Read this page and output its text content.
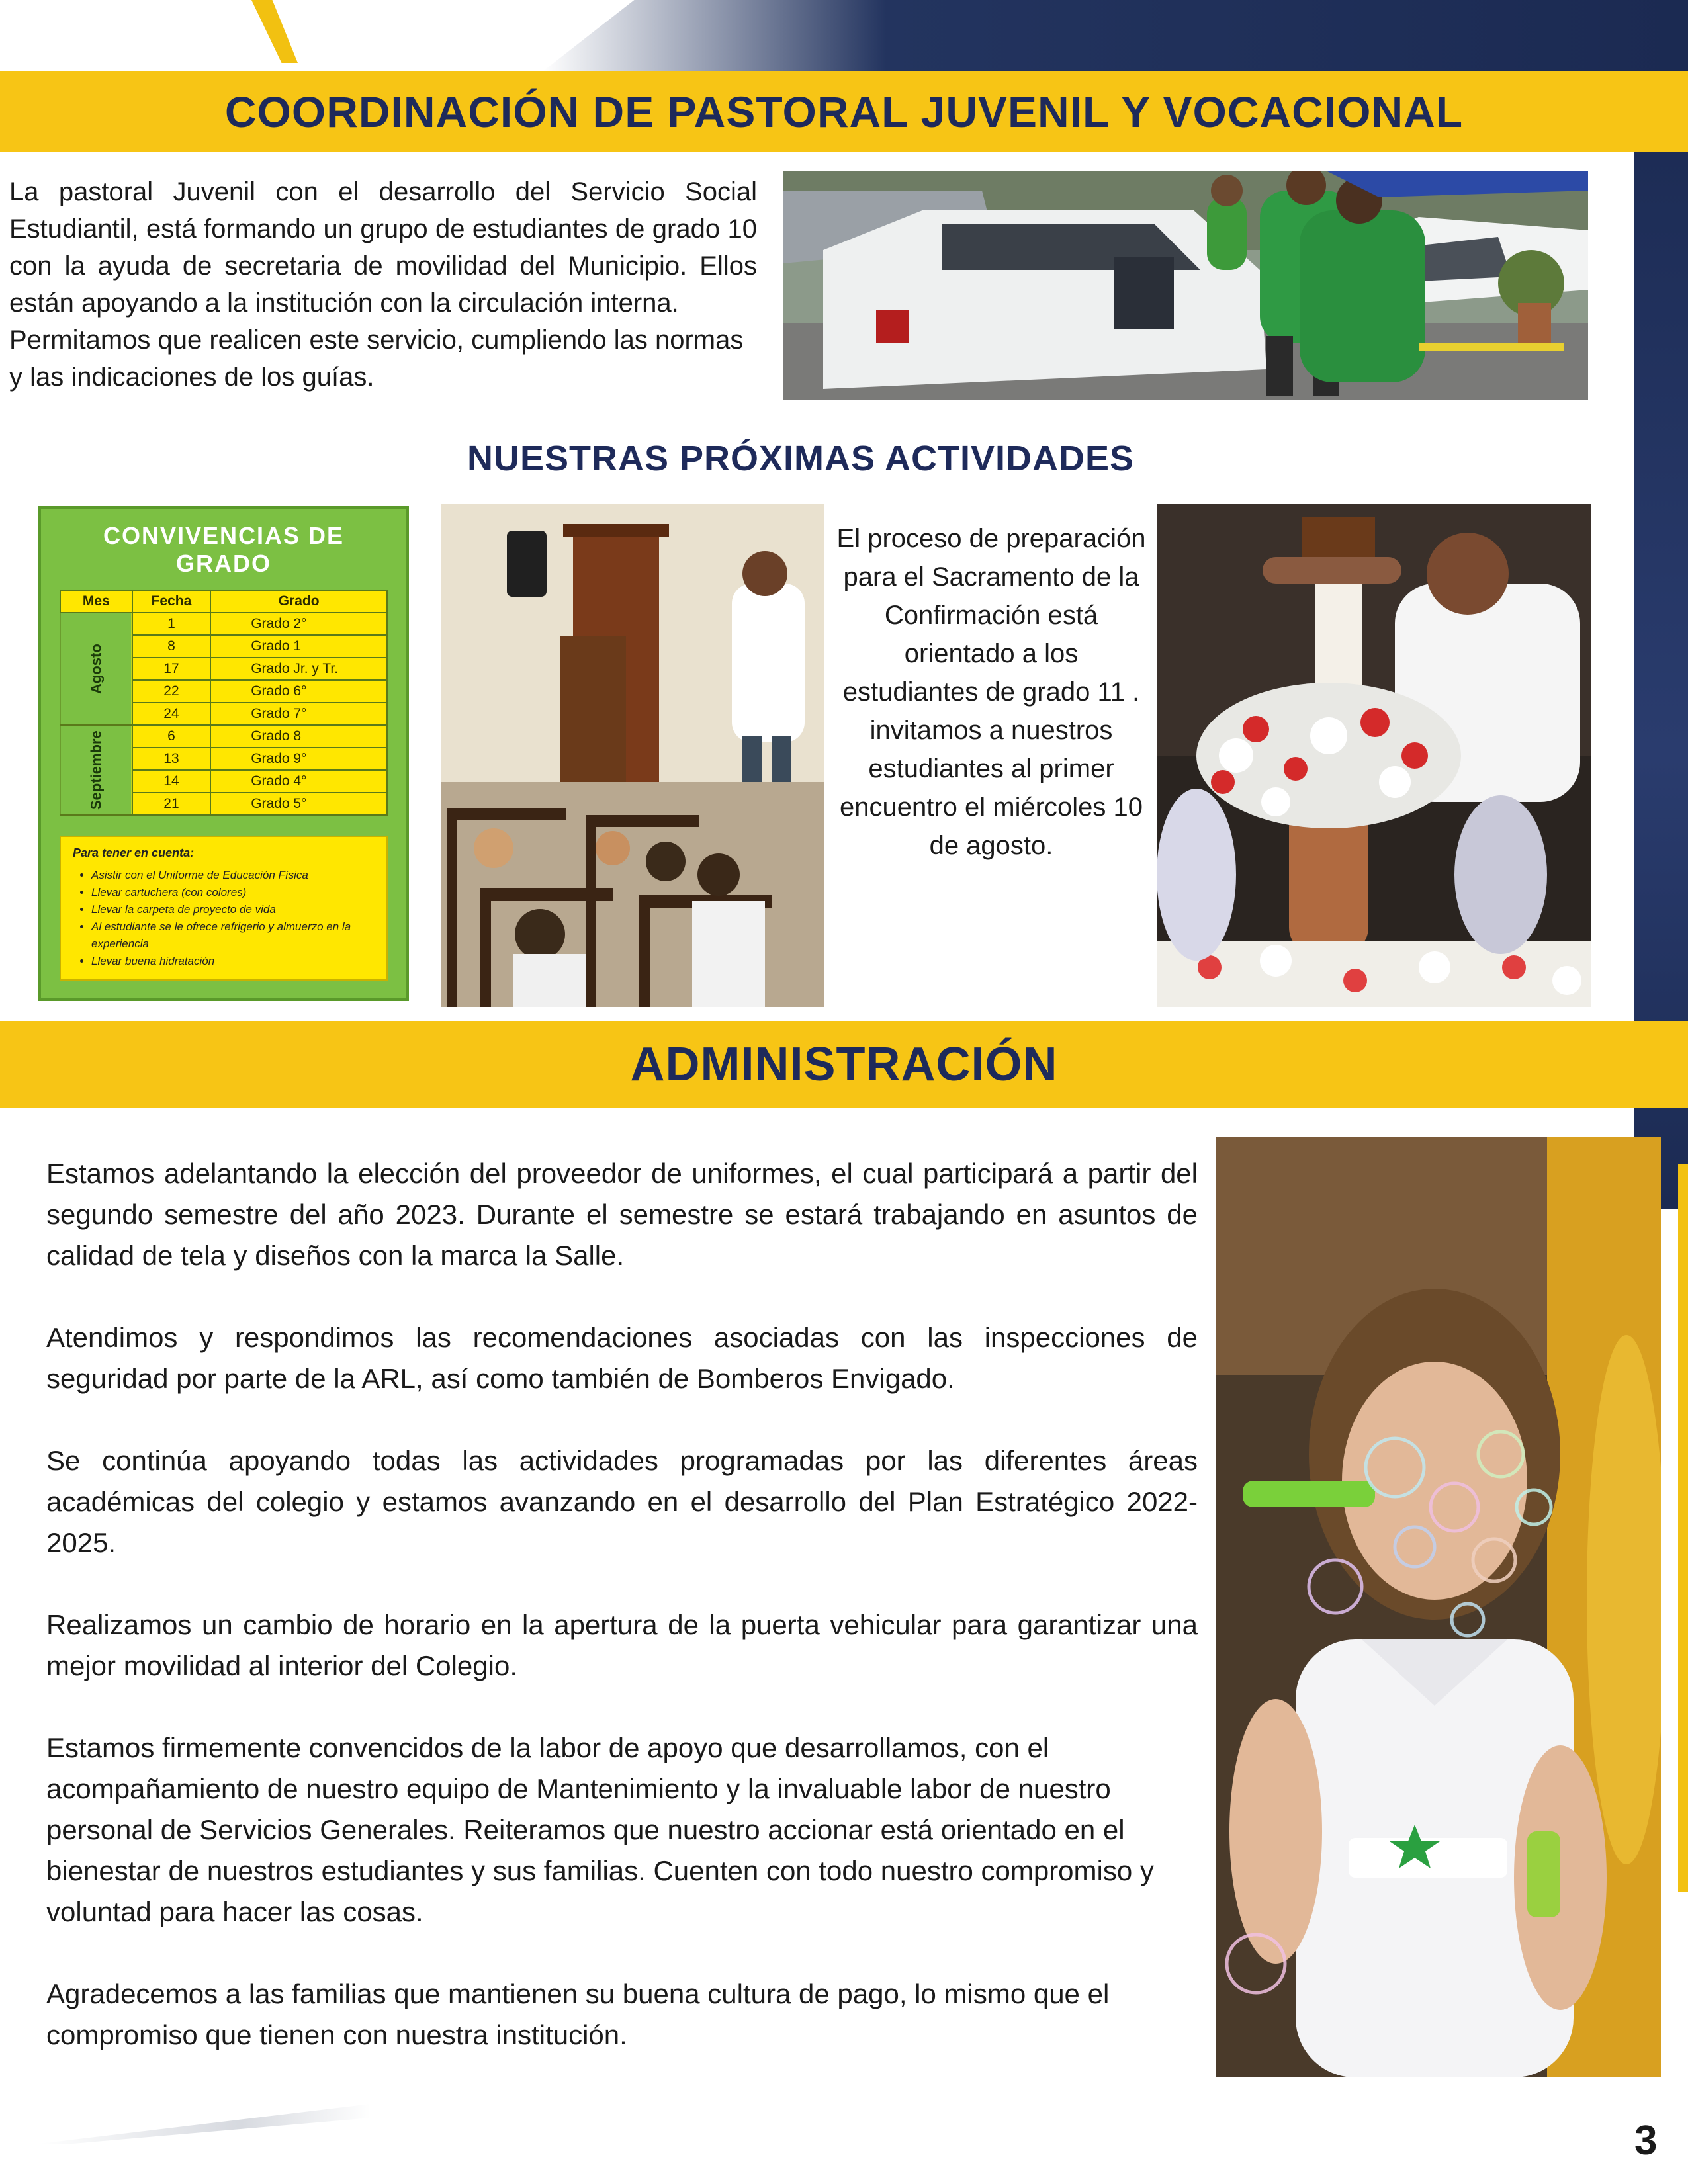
COORDINACIÓN DE PASTORAL JUVENIL Y VOCACIONAL
La pastoral Juvenil con el desarrollo del Servicio Social Estudiantil, está formando un grupo de estudiantes de grado 10 con la ayuda de secretaria de movilidad del Municipio. Ellos están apoyando a la institución con la circulación interna.
Permitamos que realicen este servicio, cumpliendo las normas y las indicaciones de los guías.
NUESTRAS PRÓXIMAS ACTIVIDADES
CONVIVENCIAS DE GRADO
Mes	Fecha	Grado
Agosto	1	Grado 2°
	8	Grado 1
	17	Grado Jr. y Tr.
	22	Grado 6°
	24	Grado 7°
Septiembre	6	Grado 8
	13	Grado 9°
	14	Grado 4°
	21	Grado 5°
Para tener en cuenta:
• Asistir con el Uniforme de Educación Física
• Llevar cartuchera (con colores)
• Llevar la carpeta de proyecto de vida
• Al estudiante se le ofrece refrigerio y almuerzo en la experiencia
• Llevar buena hidratación
El proceso de preparación para el Sacramento de la Confirmación está orientado a los estudiantes de grado 11 . invitamos a nuestros estudiantes al primer encuentro el miércoles 10 de agosto.
ADMINISTRACIÓN

Estamos adelantando la elección del proveedor de uniformes, el cual participará a partir del segundo semestre del año 2023. Durante el semestre se estará trabajando en asuntos de calidad de tela y diseños con la marca la Salle.

Atendimos y respondimos las recomendaciones asociadas con las inspecciones de seguridad por parte de la ARL, así como también de Bomberos Envigado.

Se continúa apoyando todas las actividades programadas por las diferentes áreas académicas del colegio y estamos avanzando en el desarrollo del Plan Estratégico 2022-2025.

Realizamos un cambio de horario en la apertura de la puerta vehicular para garantizar una mejor movilidad al interior del Colegio.

Estamos firmemente convencidos de la labor de apoyo que desarrollamos, con el acompañamiento de nuestro equipo de Mantenimiento y la invaluable labor de nuestro personal de Servicios Generales. Reiteramos que nuestro accionar está orientado en el bienestar de nuestros estudiantes y sus familias. Cuenten con todo nuestro compromiso y voluntad para hacer las cosas.

Agradecemos a las familias que mantienen su buena cultura de pago, lo mismo que el compromiso que tienen con nuestra institución.

3
